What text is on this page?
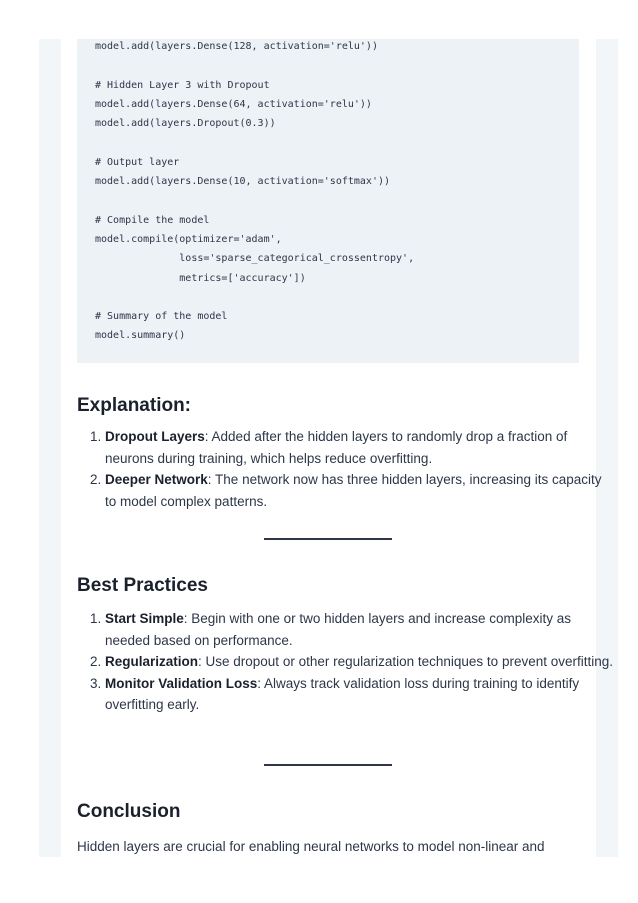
model.add(layers.Dense(128, activation='relu'))
# Hidden Layer 3 with Dropout
model.add(layers.Dense(64, activation='relu'))
model.add(layers.Dropout(0.3))
# Output layer
model.add(layers.Dense(10, activation='softmax'))
# Compile the model
model.compile(optimizer='adam',
loss='sparse_categorical_crossentropy',
metrics=['accuracy'])
# Summary of the model
model.summary()
Explanation:
1. Dropout Layers: Added after the hidden layers to randomly drop a fraction of neurons during training, which helps reduce overfitting.
2. Deeper Network: The network now has three hidden layers, increasing its capacity to model complex patterns.
Best Practices
1. Start Simple: Begin with one or two hidden layers and increase complexity as needed based on performance.
2. Regularization: Use dropout or other regularization techniques to prevent overfitting.
3. Monitor Validation Loss: Always track validation loss during training to identify overfitting early.
Conclusion

Hidden layers are crucial for enabling neural networks to model non-linear and
